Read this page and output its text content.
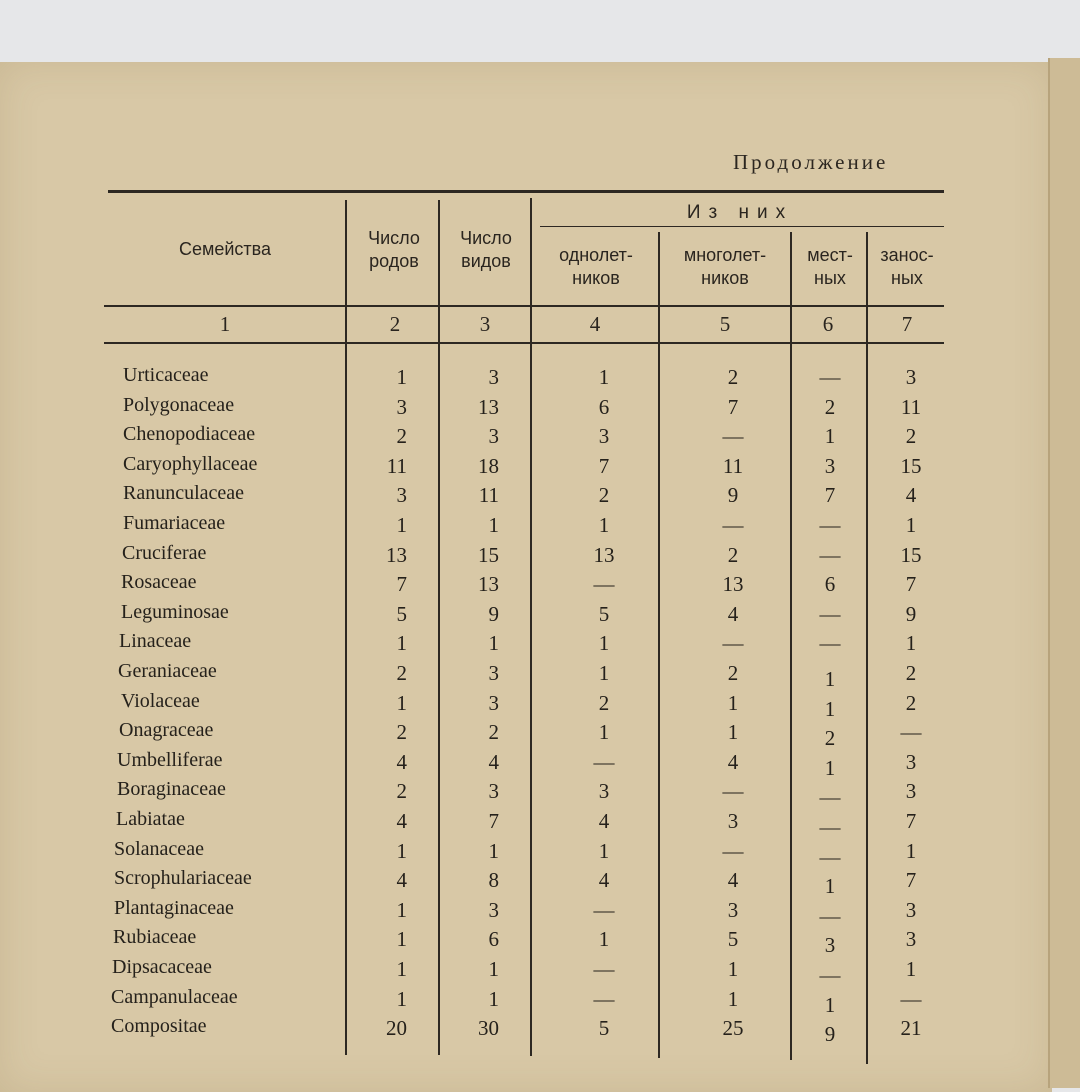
Продолжение
Семейства
Число
родов
Число
видов
Из них
однолет-
ников
многолет-
ников
мест-
ных
занос-
ных
1	2	3	4	5	6	7
Urticaceae	1	3	1	2	—	3
Polygonaceae	3	13	6	7	2	11
Chenopodiaceae	2	3	3	—	1	2
Caryophyllaceae	11	18	7	11	3	15
Ranunculaceae	3	11	2	9	7	4
Fumariaceae	1	1	1	—	—	1
Cruciferae	13	15	13	2	—	15
Rosaceae	7	13	—	13	6	7
Leguminosae	5	9	5	4	—	9
Linaceae	1	1	1	—	—	1
Geraniaceae	2	3	1	2	1	2
Violaceae	1	3	2	1	1	2
Onagraceae	2	2	1	1	2	—
Umbelliferae	4	4	—	4	1	3
Boraginaceae	2	3	3	—	—	3
Labiatae	4	7	4	3	—	7
Solanaceae	1	1	1	—	—	1
Scrophulariaceae	4	8	4	4	1	7
Plantaginaceae	1	3	—	3	—	3
Rubiaceae	1	6	1	5	3	3
Dipsacaceae	1	1	—	1	—	1
Campanulaceae	1	1	—	1	1	—
Compositae	20	30	5	25	9	21
